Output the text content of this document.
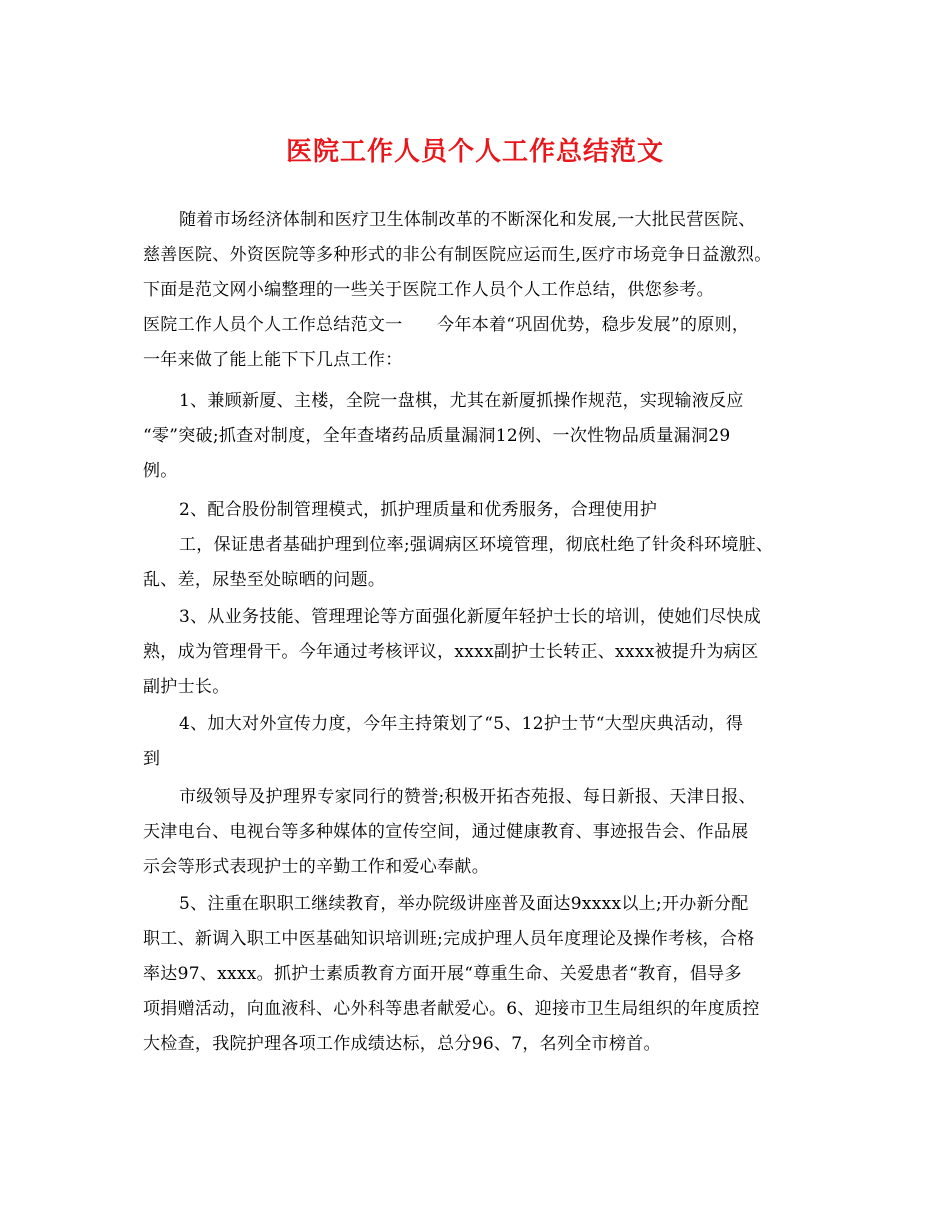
医院工作人员个人工作总结范文
随着市场经济体制和医疗卫生体制改革的不断深化和发展,一大批民营医院、
慈善医院、外资医院等多种形式的非公有制医院应运而生,医疗市场竞争日益激烈。
下面是范文网小编整理的一些关于医院工作人员个人工作总结，供您参考。
医院工作人员个人工作总结范文一　　今年本着“巩固优势，稳步发展”的原则，
一年来做了能上能下下几点工作：
1、兼顾新厦、主楼，全院一盘棋，尤其在新厦抓操作规范，实现输液反应
“零”突破;抓查对制度，全年查堵药品质量漏洞12例、一次性物品质量漏洞29
例。
2、配合股份制管理模式，抓护理质量和优秀服务，合理使用护
工，保证患者基础护理到位率;强调病区环境管理，彻底杜绝了针灸科环境脏、
乱、差，尿垫至处晾晒的问题。
3、从业务技能、管理理论等方面强化新厦年轻护士长的培训，使她们尽快成
熟，成为管理骨干。今年通过考核评议，xxxx副护士长转正、xxxx被提升为病区
副护士长。
4、加大对外宣传力度，今年主持策划了“5、12护士节“大型庆典活动，得
到
市级领导及护理界专家同行的赞誉;积极开拓杏苑报、每日新报、天津日报、
天津电台、电视台等多种媒体的宣传空间，通过健康教育、事迹报告会、作品展
示会等形式表现护士的辛勤工作和爱心奉献。
5、注重在职职工继续教育，举办院级讲座普及面达9xxxx以上;开办新分配
职工、新调入职工中医基础知识培训班;完成护理人员年度理论及操作考核，合格
率达97、xxxx。抓护士素质教育方面开展“尊重生命、关爱患者“教育，倡导多
项捐赠活动，向血液科、心外科等患者献爱心。6、迎接市卫生局组织的年度质控
大检查，我院护理各项工作成绩达标，总分96、7，名列全市榜首。
